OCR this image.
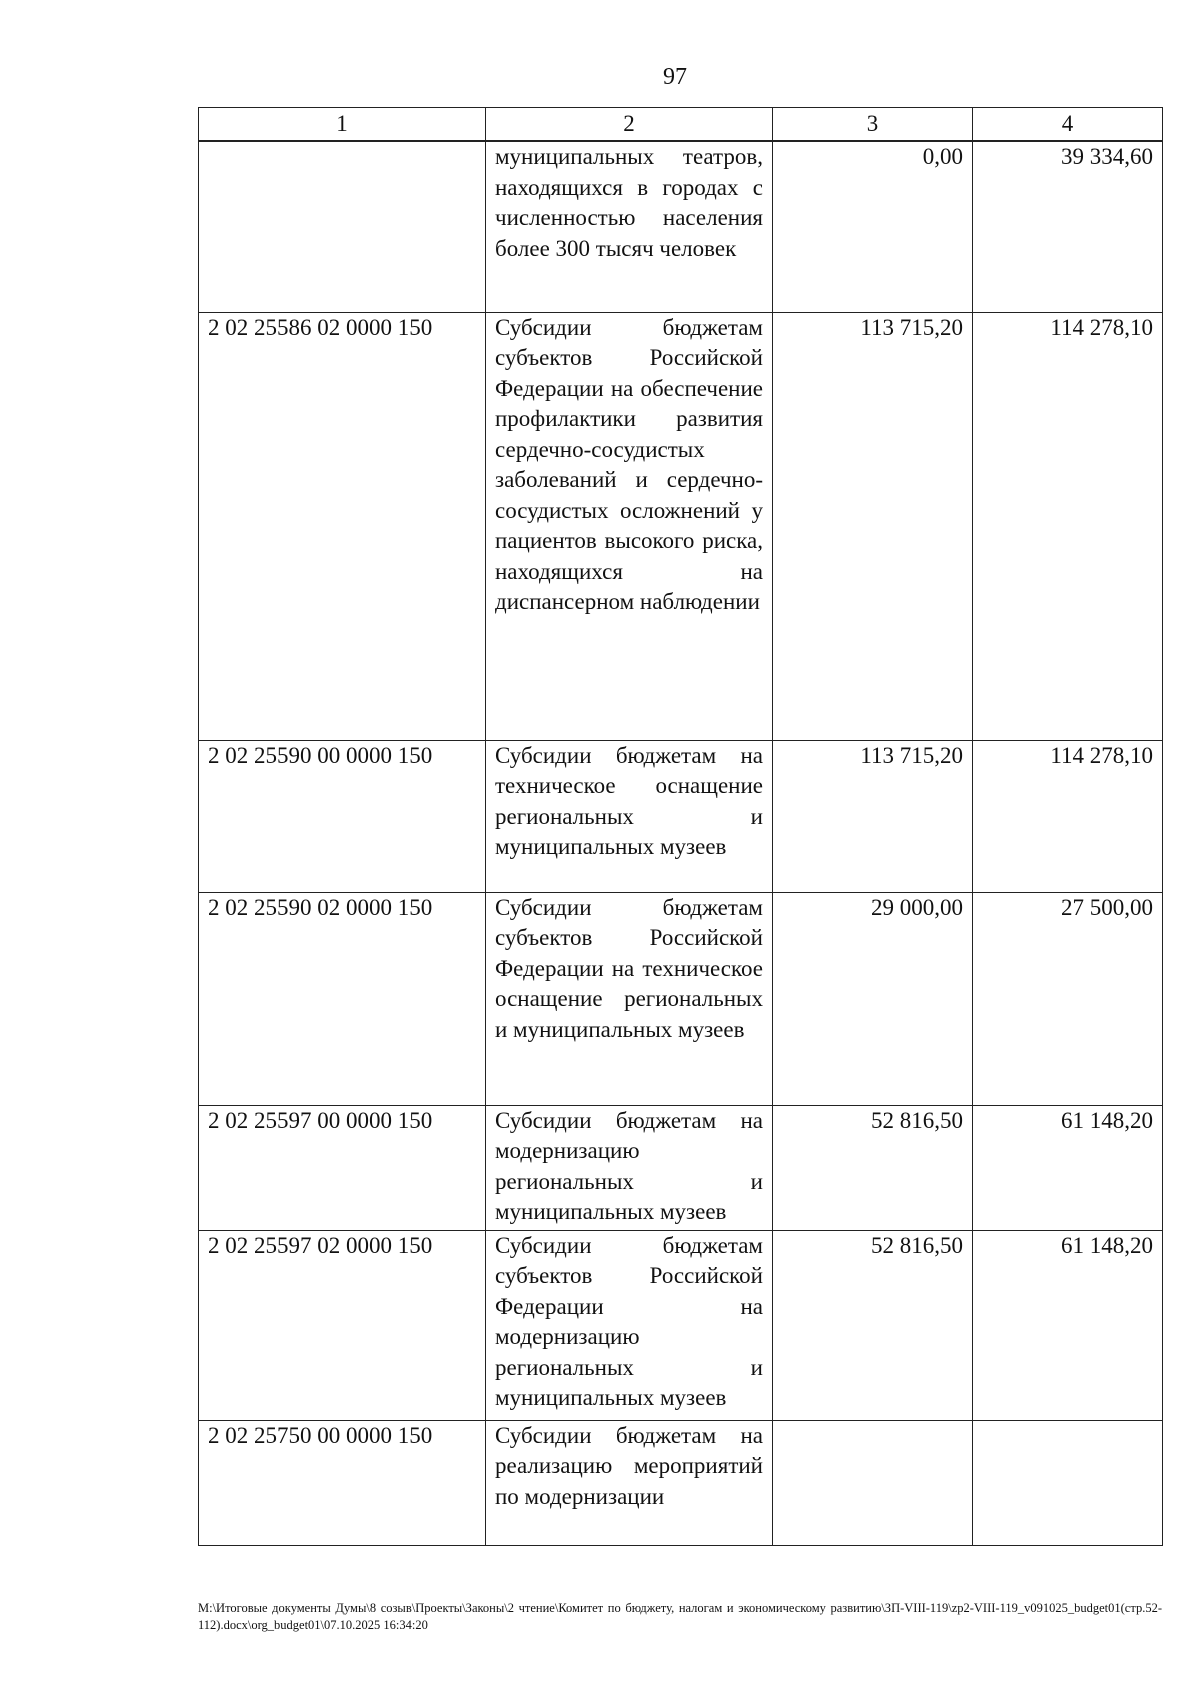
97
1	2	3	4
	муниципальных театров, находящихся в городах с численностью населения более 300 тысяч человек	0,00	39 334,60
2 02 25586 02 0000 150	Субсидии бюджетам субъектов Российской Федерации на обеспечение профилактики развития сердечно-сосудистых заболеваний и сердечно-сосудистых осложнений у пациентов высокого риска, находящихся на диспансерном наблюдении	113 715,20	114 278,10
2 02 25590 00 0000 150	Субсидии бюджетам на техническое оснащение региональных и муниципальных музеев	113 715,20	114 278,10
2 02 25590 02 0000 150	Субсидии бюджетам субъектов Российской Федерации на техническое оснащение региональных и муниципальных музеев	29 000,00	27 500,00
2 02 25597 00 0000 150	Субсидии бюджетам на модернизацию региональных и муниципальных музеев	52 816,50	61 148,20
2 02 25597 02 0000 150	Субсидии бюджетам субъектов Российской Федерации на модернизацию региональных и муниципальных музеев	52 816,50	61 148,20
2 02 25750 00 0000 150	Субсидии бюджетам на реализацию мероприятий по модернизации		
M:\Итоговые документы Думы\8 созыв\Проекты\Законы\2 чтение\Комитет по бюджету, налогам и экономическому развитию\ЗП-VIII-119\zp2-VIII-119_v091025_budget01(стр.52-112).docx\org_budget01\07.10.2025 16:34:20
